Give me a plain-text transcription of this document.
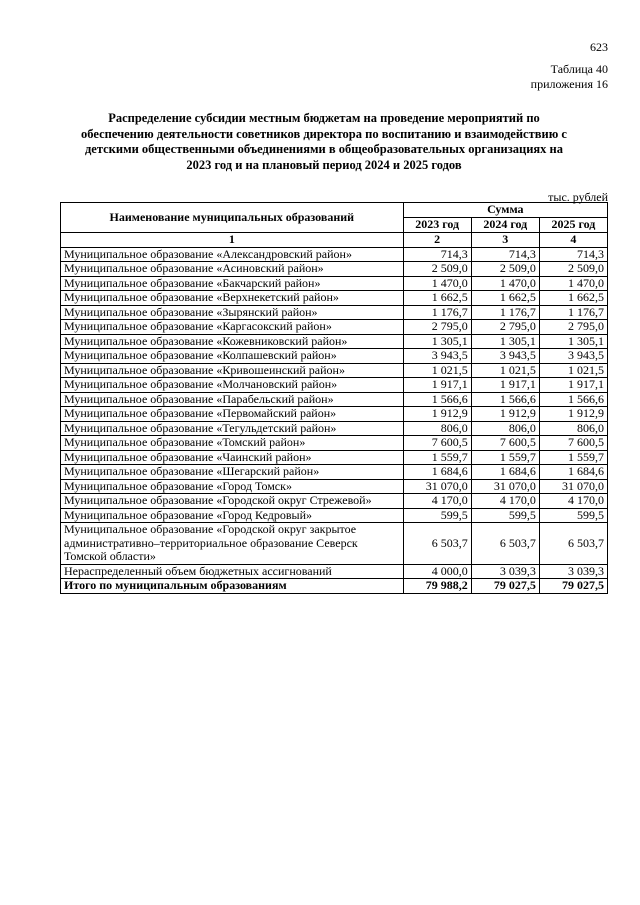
623
Таблица 40
приложения 16
Распределение субсидии местным бюджетам на проведение мероприятий по
обеспечению деятельности советников директора по воспитанию и взаимодействию с
детскими общественными объединениями в общеобразовательных организациях на
2023 год и на плановый период 2024 и 2025 годов
тыс. рублей
Наименование муниципальных образований	Сумма		
	2023 год	2024 год	2025 год
1	2	3	4
Муниципальное образование «Александровский район»	714,3	714,3	714,3
Муниципальное образование «Асиновский район»	2 509,0	2 509,0	2 509,0
Муниципальное образование «Бакчарский район»	1 470,0	1 470,0	1 470,0
Муниципальное образование «Верхнекетский район»	1 662,5	1 662,5	1 662,5
Муниципальное образование «Зырянский район»	1 176,7	1 176,7	1 176,7
Муниципальное образование «Каргасокский район»	2 795,0	2 795,0	2 795,0
Муниципальное образование «Кожевниковский район»	1 305,1	1 305,1	1 305,1
Муниципальное образование «Колпашевский район»	3 943,5	3 943,5	3 943,5
Муниципальное образование «Кривошеинский район»	1 021,5	1 021,5	1 021,5
Муниципальное образование «Молчановский район»	1 917,1	1 917,1	1 917,1
Муниципальное образование «Парабельский район»	1 566,6	1 566,6	1 566,6
Муниципальное образование «Первомайский район»	1 912,9	1 912,9	1 912,9
Муниципальное образование «Тегульдетский район»	806,0	806,0	806,0
Муниципальное образование «Томский район»	7 600,5	7 600,5	7 600,5
Муниципальное образование «Чаинский район»	1 559,7	1 559,7	1 559,7
Муниципальное образование «Шегарский район»	1 684,6	1 684,6	1 684,6
Муниципальное образование «Город Томск»	31 070,0	31 070,0	31 070,0
Муниципальное образование «Городской округ Стрежевой»	4 170,0	4 170,0	4 170,0
Муниципальное образование «Город Кедровый»	599,5	599,5	599,5
Муниципальное образование «Городской округ закрытое административно–территориальное образование Северск Томской области»	6 503,7	6 503,7	6 503,7
Нераспределенный объем бюджетных ассигнований	4 000,0	3 039,3	3 039,3
Итого по муниципальным образованиям	79 988,2	79 027,5	79 027,5
